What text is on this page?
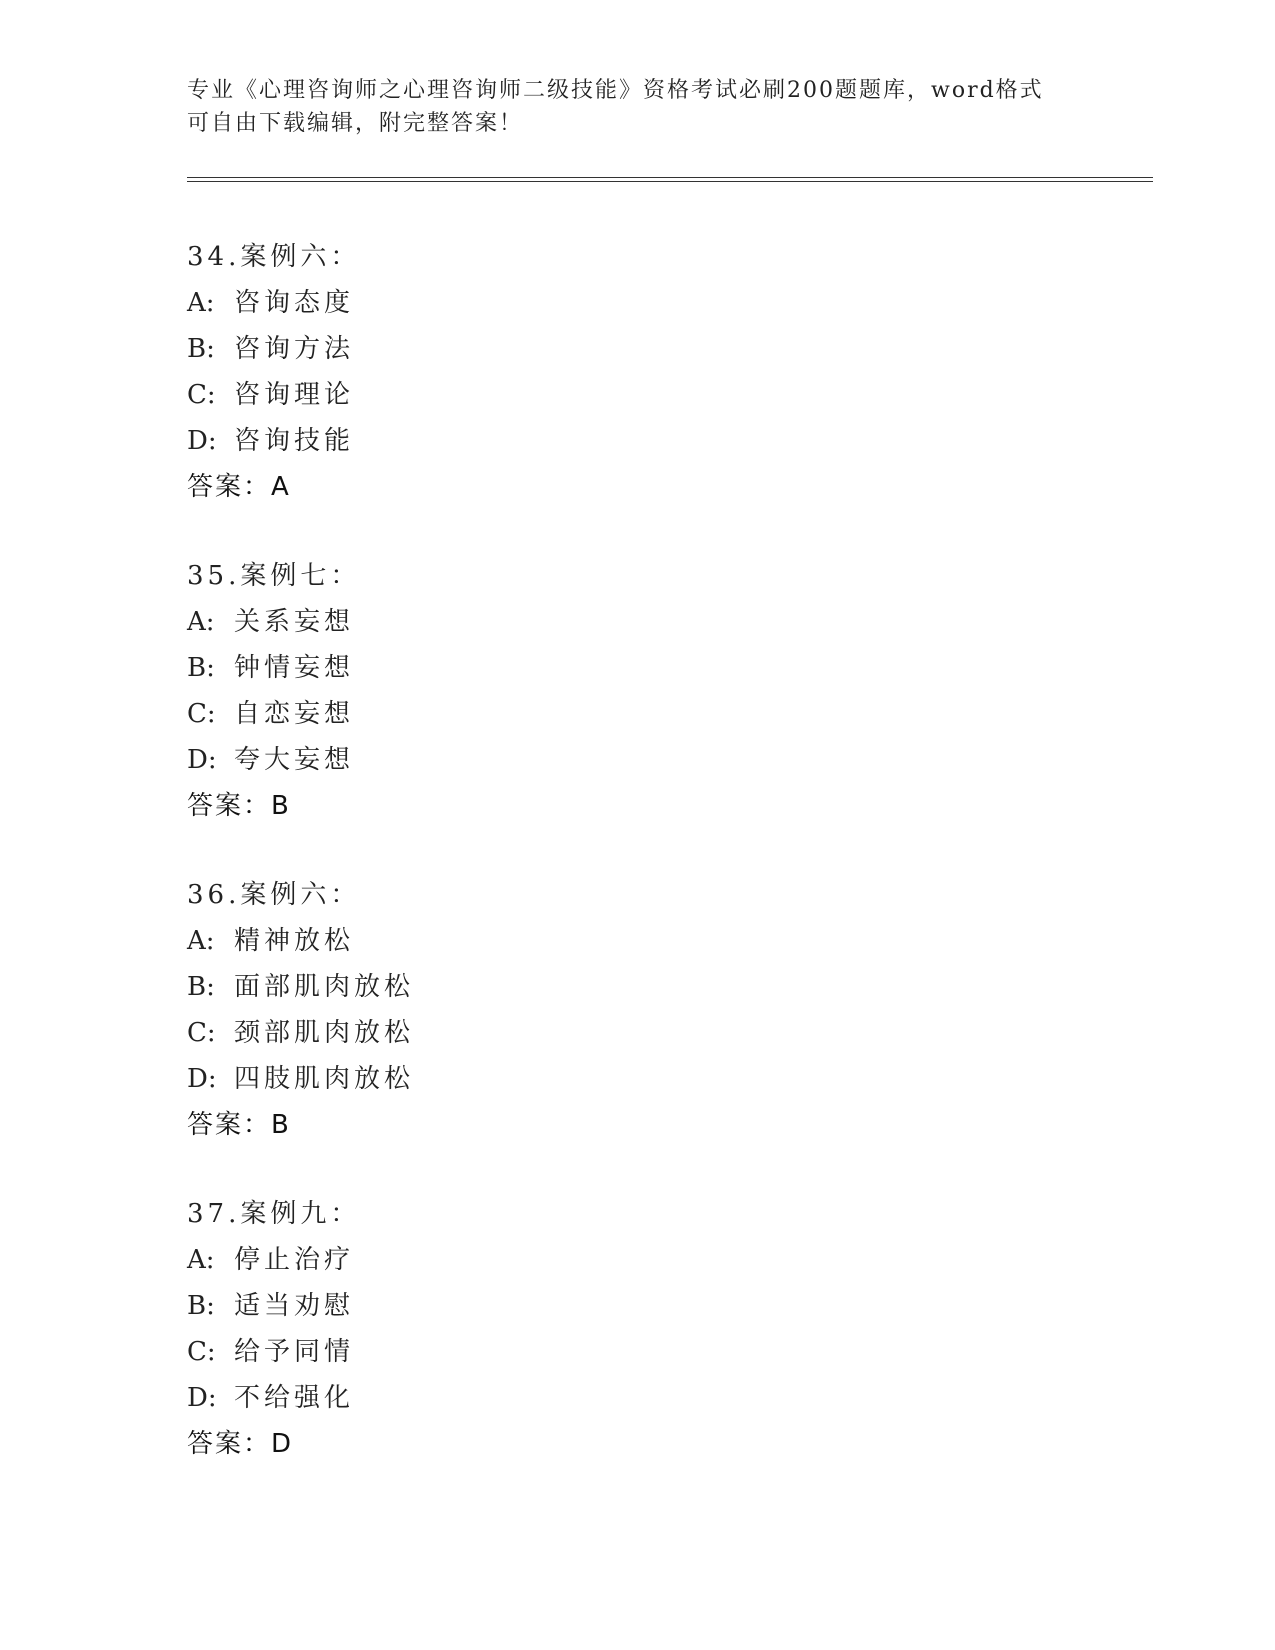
专业《心理咨询师之心理咨询师二级技能》资格考试必刷200题题库，word格式
可自由下载编辑，附完整答案！
34.案例六：
A: 咨询态度
B: 咨询方法
C: 咨询理论
D: 咨询技能
答案：A
35.案例七：
A: 关系妄想
B: 钟情妄想
C: 自恋妄想
D: 夸大妄想
答案：B
36.案例六：
A: 精神放松
B: 面部肌肉放松
C: 颈部肌肉放松
D: 四肢肌肉放松
答案：B
37.案例九：
A: 停止治疗
B: 适当劝慰
C: 给予同情
D: 不给强化
答案：D
